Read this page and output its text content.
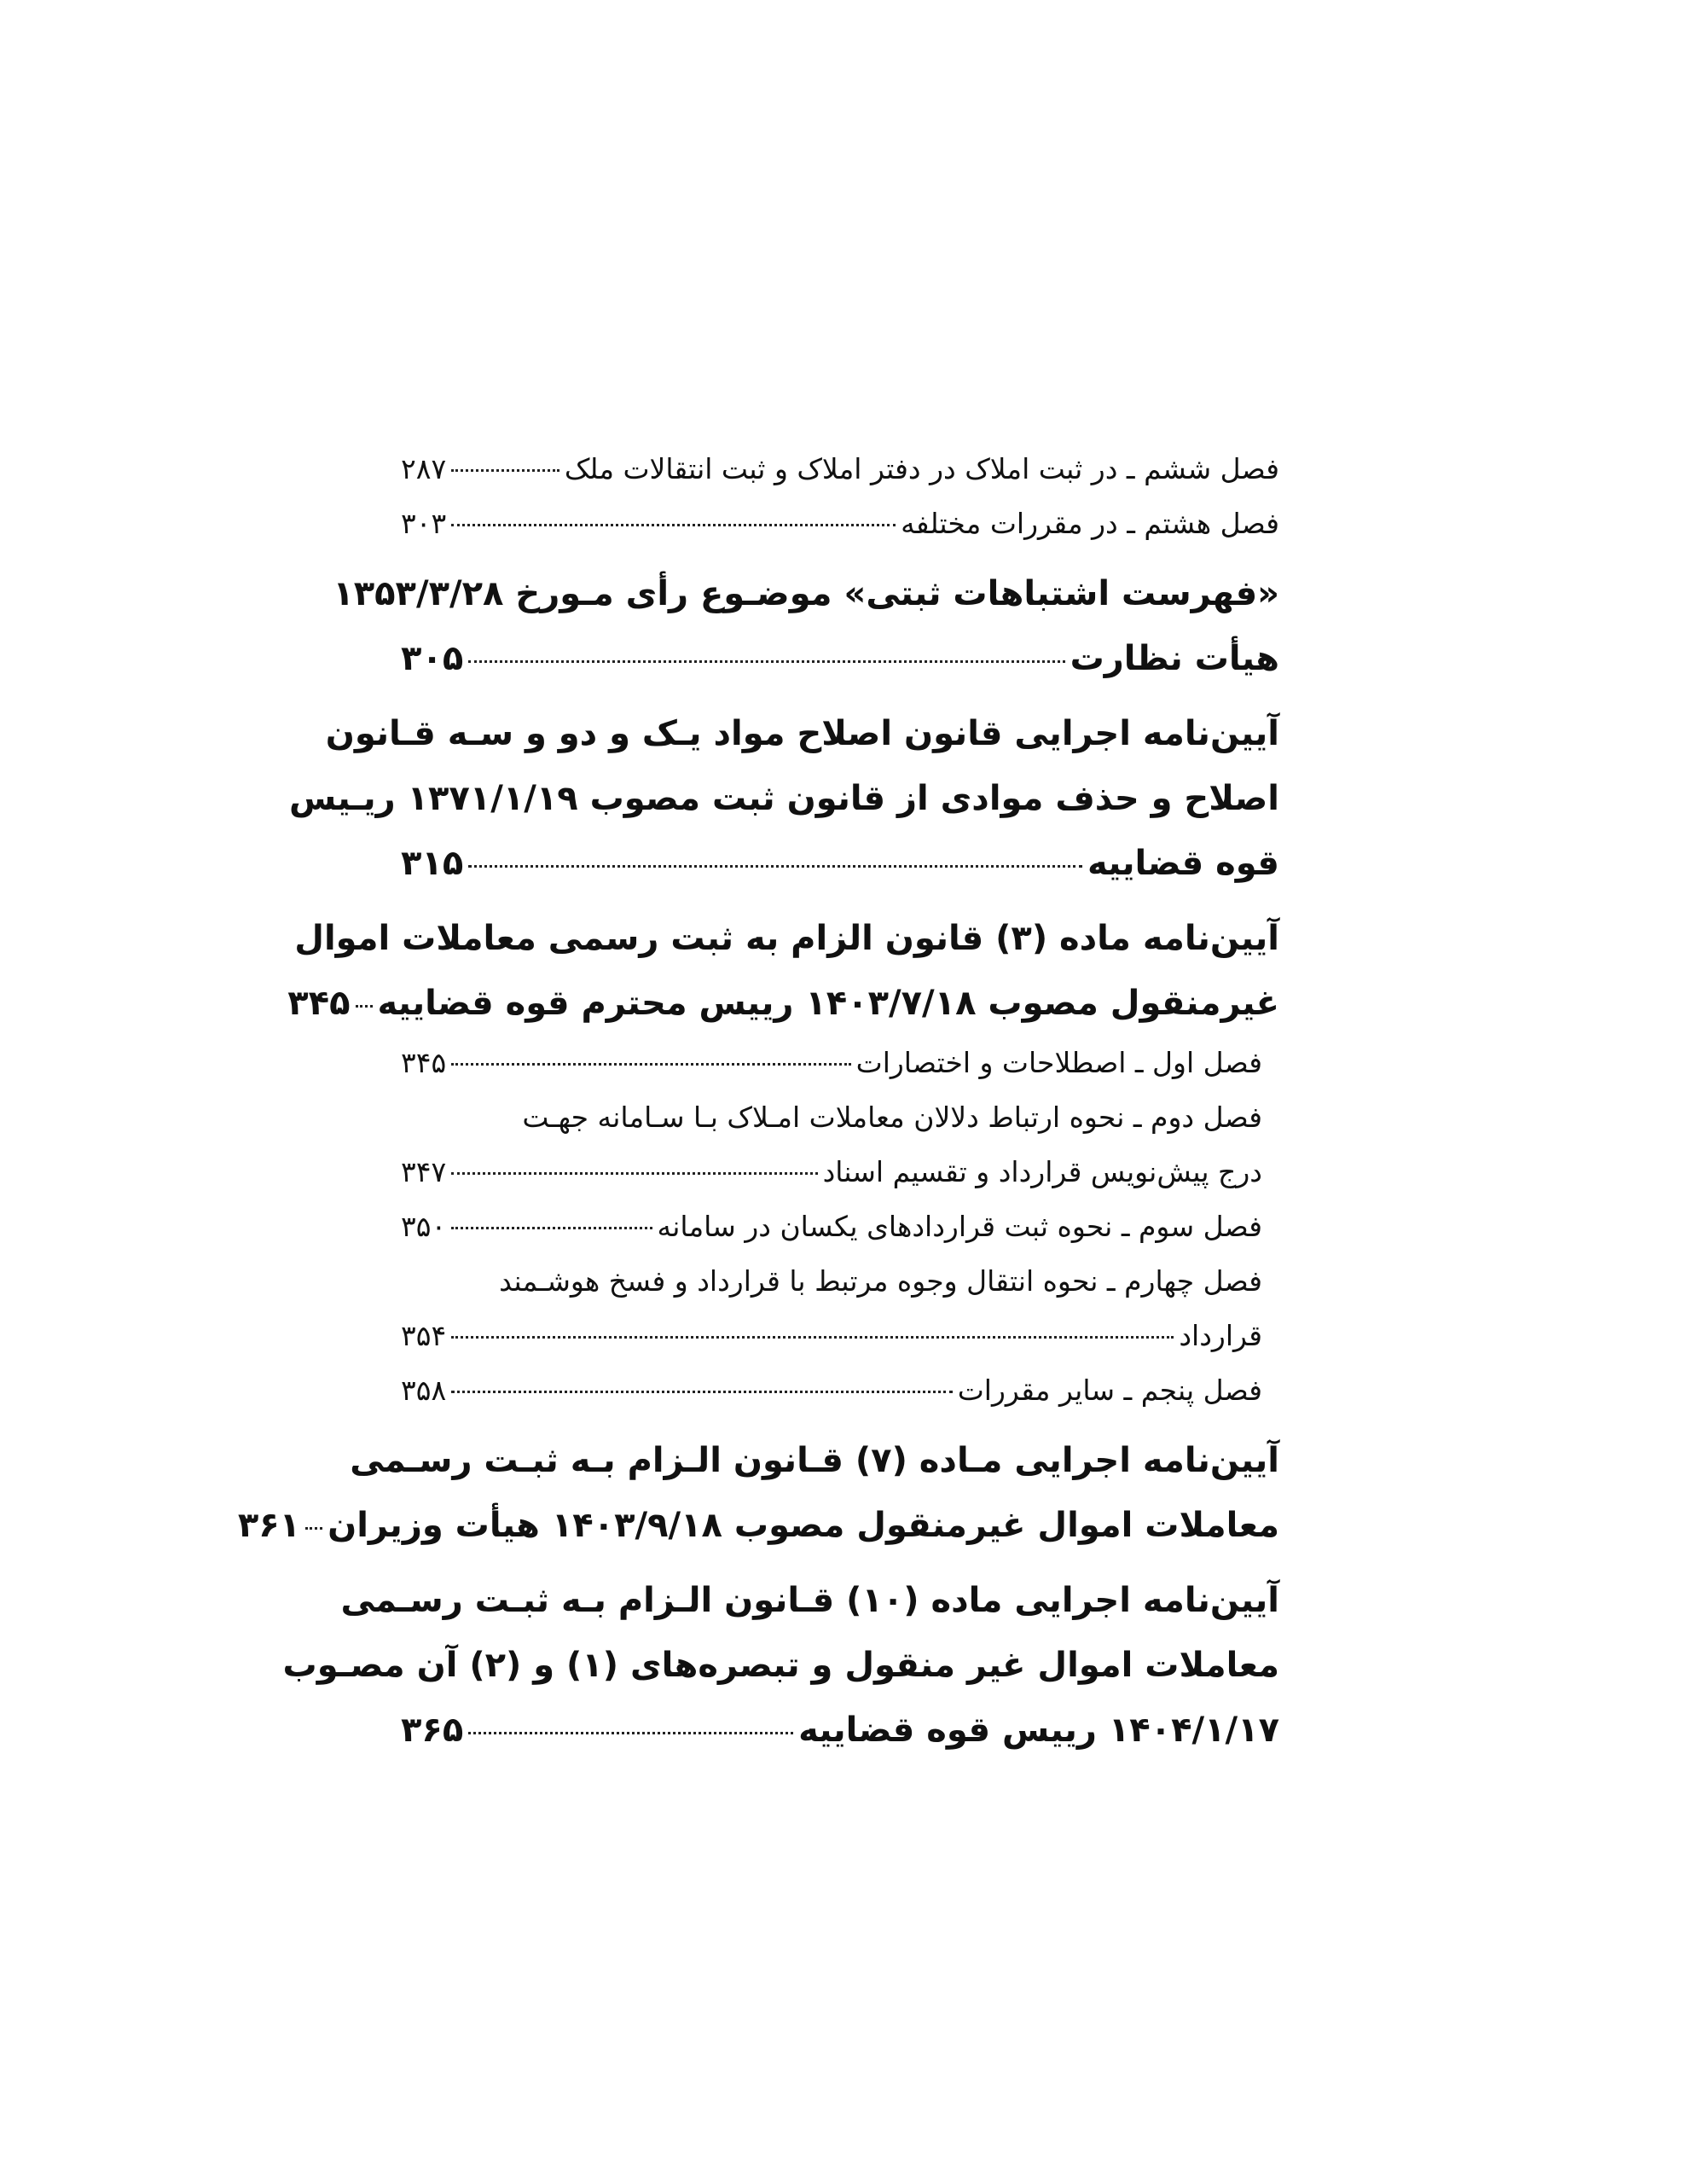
فصل ششم ـ در ثبت املاک در دفتر املاک و ثبت انتقالات ملک
۲۸۷
فصل هشتم ـ در مقررات مختلفه
۳۰۳
«فهرست اشتباهات ثبتی» موضـوع رأی مـورخ ۱۳۵۳/۳/۲۸
هیأت نظارت
۳۰۵
آیین‌نامه اجرایی قانون اصلاح مواد یـک و دو و سـه قـانون
اصلاح و حذف موادی از قانون ثبت مصوب ۱۳۷۱/۱/۱۹ ریـیس
قوه قضاییه
۳۱۵
آیین‌نامه ماده (۳) قانون الزام به ثبت رسمی معاملات اموال
غیرمنقول مصوب ۱۴۰۳/۷/۱۸ رییس محترم قوه قضاییه
۳۴۵
فصل اول ـ اصطلاحات و اختصارات
۳۴۵
فصل دوم ـ نحوه ارتباط دلالان معاملات امـلاک بـا سـامانه جهـت
درج پیش‌نویس قرارداد و تقسیم اسناد
۳۴۷
فصل سوم ـ نحوه ثبت قراردادهای یکسان در سامانه
۳۵۰
فصل چهارم ـ نحوه انتقال وجوه مرتبط با قرارداد و فسخ هوشـمند
قرارداد
۳۵۴
فصل پنجم ـ سایر مقررات
۳۵۸
آیین‌نامه اجرایی مـاده (۷) قـانون الـزام بـه ثبـت رسـمی
معاملات اموال غیرمنقول مصوب ۱۴۰۳/۹/۱۸ هیأت وزیران
۳۶۱
آیین‌نامه اجرایی ماده (۱۰) قـانون الـزام بـه ثبـت رسـمی
معاملات اموال غیر منقول و تبصره‌های (۱) و (۲) آن مصـوب
۱۴۰۴/۱/۱۷ رییس قوه قضاییه
۳۶۵
